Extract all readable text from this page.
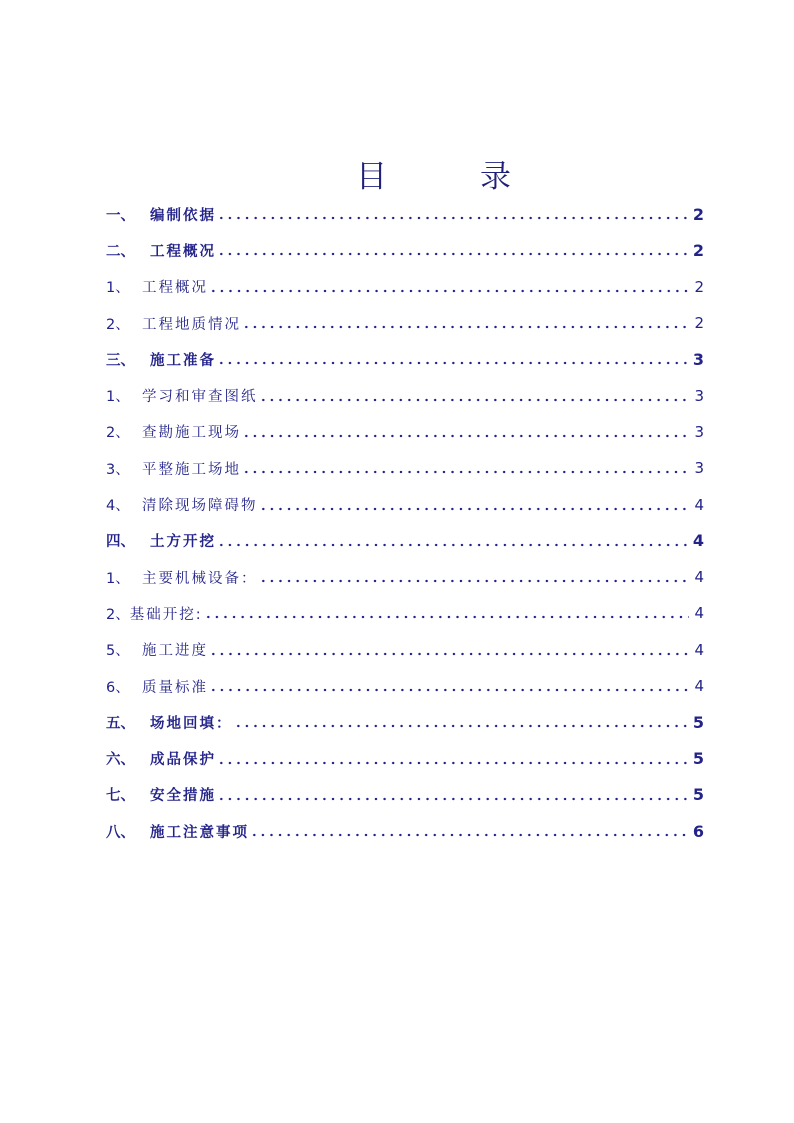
目	录
一、	编制依据	2
二、	工程概况	2
1、 工程概况	2
2、 工程地质情况	2
三、	施工准备	3
1、 学习和审查图纸	3
2、 查勘施工现场	3
3、 平整施工场地	3
4、 清除现场障碍物	4
四、	土方开挖	4
1、 主要机械设备：	4
2、 基础开挖:	4
5、 施工进度	4
6、 质量标准	4
五、	场地回填：	5
六、	成品保护	5
七、	安全措施	5
八、	施工注意事项	6
